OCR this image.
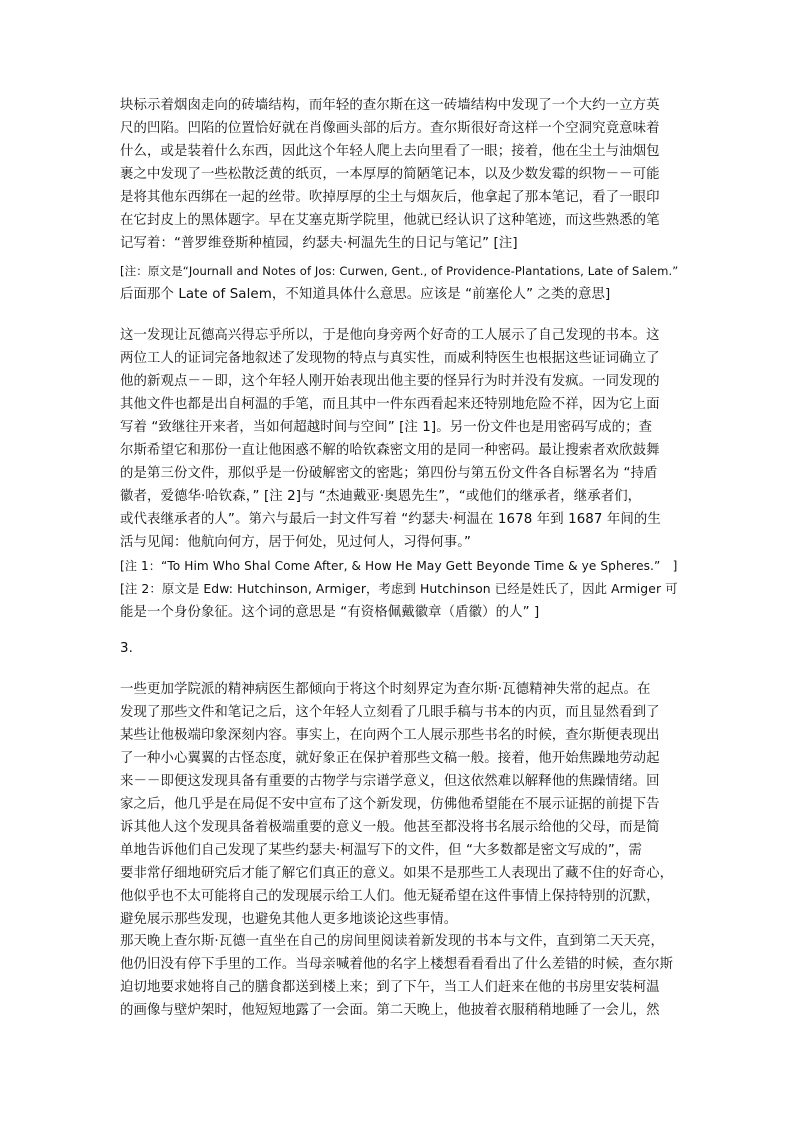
块标示着烟囱走向的砖墙结构，而年轻的查尔斯在这一砖墙结构中发现了一个大约一立方英
尺的凹陷。凹陷的位置恰好就在肖像画头部的后方。查尔斯很好奇这样一个空洞究竟意味着
什么，或是装着什么东西，因此这个年轻人爬上去向里看了一眼；接着，他在尘土与油烟包
裹之中发现了一些松散泛黄的纸页，一本厚厚的简陋笔记本，以及少数发霉的织物－－可能
是将其他东西绑在一起的丝带。吹掉厚厚的尘土与烟灰后，他拿起了那本笔记，看了一眼印
在它封皮上的黑体题字。早在艾塞克斯学院里，他就已经认识了这种笔迹，而这些熟悉的笔
记写着：“普罗维登斯种植园，约瑟夫·柯温先生的日记与笔记” [注]
[注：原文是“Journall and Notes of Jos: Curwen, Gent., of Providence-Plantations, Late of Salem.”
后面那个 Late of Salem，不知道具体什么意思。应该是 “前塞伦人” 之类的意思]
这一发现让瓦德高兴得忘乎所以，于是他向身旁两个好奇的工人展示了自己发现的书本。这
两位工人的证词完备地叙述了发现物的特点与真实性，而威利特医生也根据这些证词确立了
他的新观点－－即，这个年轻人刚开始表现出他主要的怪异行为时并没有发疯。一同发现的
其他文件也都是出自柯温的手笔，而且其中一件东西看起来还特别地危险不祥，因为它上面
写着 “致继往开来者，当如何超越时间与空间” [注 1]。另一份文件也是用密码写成的；查
尔斯希望它和那份一直让他困惑不解的哈钦森密文用的是同一种密码。最让搜索者欢欣鼓舞
的是第三份文件，那似乎是一份破解密文的密匙；第四份与第五份文件各自标署名为 “持盾
徽者，爱德华·哈钦森，” [注 2]与 “杰迪戴亚·奥恩先生”，“或他们的继承者，继承者们，
或代表继承者的人”。第六与最后一封文件写着 “约瑟夫·柯温在 1678 年到 1687 年间的生
活与见闻：他航向何方，居于何处，见过何人，习得何事。”
[注 1：“To Him Who Shal Come After, & How He May Gett Beyonde Time & ye Spheres.”　]
[注 2：原文是 Edw: Hutchinson, Armiger，考虑到 Hutchinson 已经是姓氏了，因此 Armiger 可
能是一个身份象征。这个词的意思是 “有资格佩戴徽章（盾徽）的人” ]
3.
一些更加学院派的精神病医生都倾向于将这个时刻界定为查尔斯·瓦德精神失常的起点。在
发现了那些文件和笔记之后，这个年轻人立刻看了几眼手稿与书本的内页，而且显然看到了
某些让他极端印象深刻内容。事实上，在向两个工人展示那些书名的时候，查尔斯便表现出
了一种小心翼翼的古怪态度，就好象正在保护着那些文稿一般。接着，他开始焦躁地劳动起
来－－即便这发现具备有重要的古物学与宗谱学意义，但这依然难以解释他的焦躁情绪。回
家之后，他几乎是在局促不安中宣布了这个新发现，仿佛他希望能在不展示证据的前提下告
诉其他人这个发现具备着极端重要的意义一般。他甚至都没将书名展示给他的父母，而是简
单地告诉他们自己发现了某些约瑟夫·柯温写下的文件，但 “大多数都是密文写成的”，需
要非常仔细地研究后才能了解它们真正的意义。如果不是那些工人表现出了藏不住的好奇心，
他似乎也不太可能将自己的发现展示给工人们。他无疑希望在这件事情上保持特别的沉默，
避免展示那些发现，也避免其他人更多地谈论这些事情。
那天晚上查尔斯·瓦德一直坐在自己的房间里阅读着新发现的书本与文件，直到第二天天亮，
他仍旧没有停下手里的工作。当母亲喊着他的名字上楼想看看看出了什么差错的时候，查尔斯
迫切地要求她将自己的膳食都送到楼上来；到了下午，当工人们赶来在他的书房里安装柯温
的画像与壁炉架时，他短短地露了一会面。第二天晚上，他披着衣服稍稍地睡了一会儿，然
